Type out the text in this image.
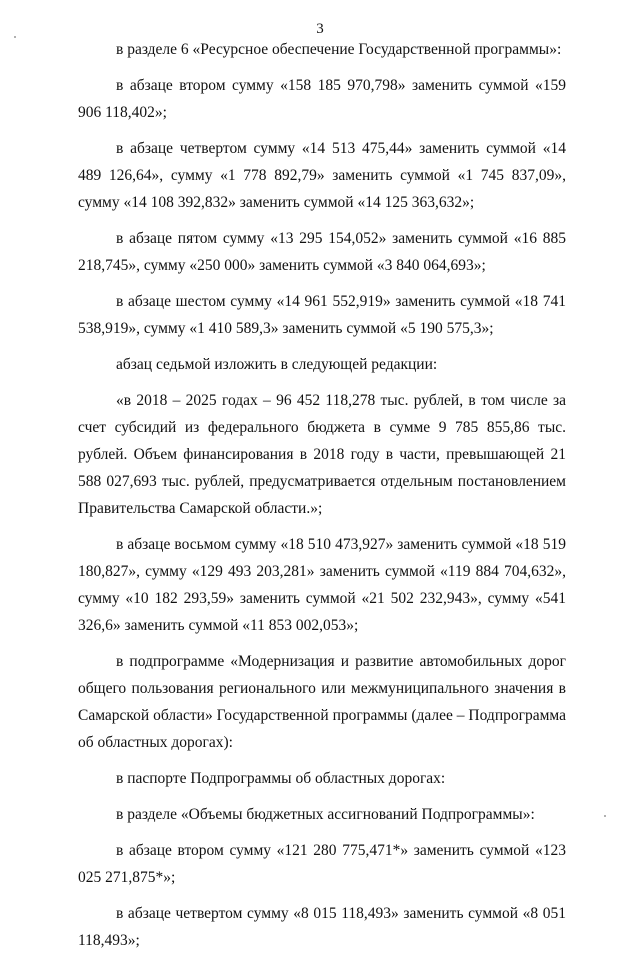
3

в разделе 6 «Ресурсное обеспечение Государственной программы»:

в абзаце втором сумму «158 185 970,798» заменить суммой «159 906 118,402»;

в абзаце четвертом сумму «14 513 475,44» заменить суммой «14 489 126,64», сумму «1 778 892,79» заменить суммой «1 745 837,09», сумму «14 108 392,832» заменить суммой «14 125 363,632»;

в абзаце пятом сумму «13 295 154,052» заменить суммой «16 885 218,745», сумму «250 000» заменить суммой «3 840 064,693»;

в абзаце шестом сумму «14 961 552,919» заменить суммой «18 741 538,919», сумму «1 410 589,3» заменить суммой «5 190 575,3»;

абзац седьмой изложить в следующей редакции:

«в 2018 – 2025 годах – 96 452 118,278 тыс. рублей, в том числе за счет субсидий из федерального бюджета в сумме 9 785 855,86 тыс. рублей. Объем финансирования в 2018 году в части, превышающей 21 588 027,693 тыс. рублей, предусматривается отдельным постановлением Правительства Самарской области.»;

в абзаце восьмом сумму «18 510 473,927» заменить суммой «18 519 180,827», сумму «129 493 203,281» заменить суммой «119 884 704,632», сумму «10 182 293,59» заменить суммой «21 502 232,943», сумму «541 326,6» заменить суммой «11 853 002,053»;

в подпрограмме «Модернизация и развитие автомобильных дорог общего пользования регионального или межмуниципального значения в Самарской области» Государственной программы (далее – Подпрограмма об областных дорогах):

в паспорте Подпрограммы об областных дорогах:

в разделе «Объемы бюджетных ассигнований Подпрограммы»:

в абзаце втором сумму «121 280 775,471*» заменить суммой «123 025 271,875*»;

в абзаце четвертом сумму «8 015 118,493» заменить суммой «8 051 118,493»;
